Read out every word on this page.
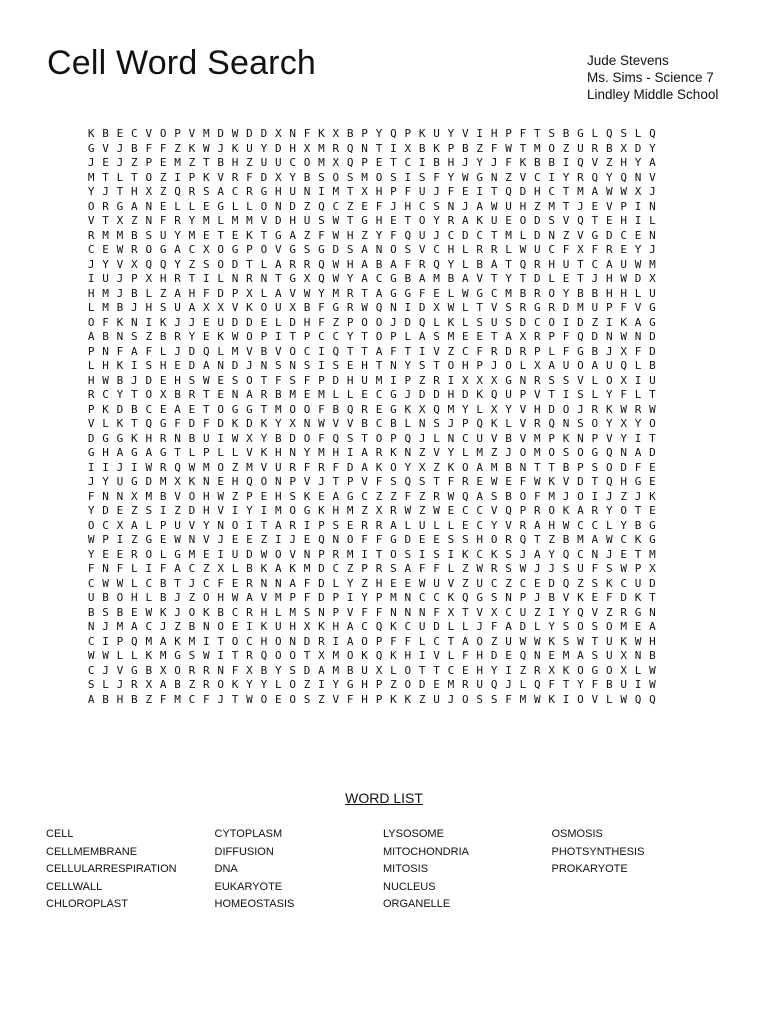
Cell Word Search	Jude Stevens
Ms. Sims - Science 7
Lindley Middle School
K B E C V O P V M D W D D X N F K X B P Y Q P K U Y V I H P F T S B G L Q S L Q
G V J B F F Z K W J K U Y D H X M R Q N T I X B K P B Z F W T M O Z U R B X D Y
J E J Z P E M Z T B H Z U U C O M X Q P E T C I B H J Y J F K B B I Q V Z H Y A
M T L T O Z I P K V R F D X Y B S O S M O S I S F Y W G N Z V C I Y R Q Y Q N V
Y J T H X Z Q R S A C R G H U N I M T X H P F U J F E I T Q D H C T M A W W X J
O R G A N E L L E G L L O N D Z Q C Z E F J H C S N J A W U H Z M T J E V P I N
V T X Z N F R Y M L M M V D H U S W T G H E T O Y R A K U E O D S V Q T E H I L
R M M B S U Y M E T E K T G A Z F W H Z Y F Q U J C D C T M L D N Z V G D C E N
C E W R O G A C X O G P O V G S G D S A N O S V C H L R R L W U C F X F R E Y J
J Y V X Q Q Y Z S O D T L A R R Q W H A B A F R Q Y L B A T Q R H U T C A U W M
I U J P X H R T I L N R N T G X Q W Y A C G B A M B A V T Y T D L E T J H W D X
H M J B L Z A H F D P X L A V W Y M R T A G G F E L W G C M B R O Y B B H H L U
L M B J H S U A X X V K O U X B F G R W Q N I D X W L T V S R G R D M U P F V G
O F K N I K J J E U D D E L D H F Z P O O J D Q L K L S U S D C O I D Z I K A G
A B N S Z B R Y E K W O P I T P C C Y T O P L A S M E E T A X R P F Q D N W N D
P N F A F L J D Q L M V B V O C I Q T T A F T I V Z C F R D R P L F G B J X F D
L H K I S H E D A N D J N S N S I S E H T N Y S T O H P J O L X A U O A U Q L B
H W B J D E H S W E S O T F S F P D H U M I P Z R I X X X G N R S S V L O X I U
R C Y T O X B R T E N A R B M E M L L E C G J D D H D K Q U P V T I S L Y F L T
P K D B C E A E T O G G T M O O F B Q R E G K X Q M Y L X Y V H D O J R K W R W
V L K T Q G F D F D K D K Y X N W V V B C B L N S J P Q K L V R Q N S O Y X Y O
D G G K H R N B U I W X Y B D O F Q S T O P Q J L N C U V B V M P K N P V Y I T
G H A G A G T L P L L V K H N Y M H I A R K N Z V Y L M Z J O M O S O G Q N A D
I I J I W R Q W M O Z M V U R F R F D A K O Y X Z K O A M B N T T B P S O D F E
J Y U G D M X K N E H Q O N P V J T P V F S Q S T F R E W E F W K V D T Q H G E
F N N X M B V O H W Z P E H S K E A G C Z Z F Z R W Q A S B O F M J O I J Z J K
Y D E Z S I Z D H V I Y I M O G K H M Z X R W Z W E C C V Q P R O K A R Y O T E
O C X A L P U V Y N O I T A R I P S E R R A L U L L E C Y V R A H W C C L Y B G
W P I Z G E W N V J E E Z I J E Q N O F F G D E E S S H O R Q T Z B M A W C K G
Y E E R O L G M E I U D W O V N P R M I T O S I S I K C K S J A Y Q C N J E T M
F N F L I F A C Z X L B K A K M D C Z P R S A F F L Z W R S W J J S U F S W P X
C W W L C B T J C F E R N N A F D L Y Z H E E W U V Z U C Z C E D Q Z S K C U D
U B O H L B J Z O H W A V M P F D P I Y P M N C C K Q G S N P J B V K E F D K T
B S B E W K J O K B C R H L M S N P V F F N N N F X T V X C U Z I Y Q V Z R G N
N J M A C J Z B N O E I K U H X K H A C Q K C U D L L J F A D L Y S O S O M E A
C I P Q M A K M I T O C H O N D R I A O P F F L C T A O Z U W W K S W T U K W H
W W L L K M G S W I T R Q O O T X M O K Q K H I V L F H D E Q N E M A S U X N B
C J V G B X O R R N F X B Y S D A M B U X L O T T C E H Y I Z R X K O G O X L W
S L J R X A B Z R O K Y Y L O Z I Y G H P Z O D E M R U Q J L Q F T Y F B U I W
A B H B Z F M C F J T W O E O S Z V F H P K K Z U J O S S F M W K I O V L W Q Q
WORD LIST
CELL
CELLMEMBRANE
CELLULARRESPIRATION
CELLWALL
CHLOROPLAST
CYTOPLASM
DIFFUSION
DNA
EUKARYOTE
HOMEOSTASIS
LYSOSOME
MITOCHONDRIA
MITOSIS
NUCLEUS
ORGANELLE
OSMOSIS
PHOTSYNTHESIS
PROKARYOTE
